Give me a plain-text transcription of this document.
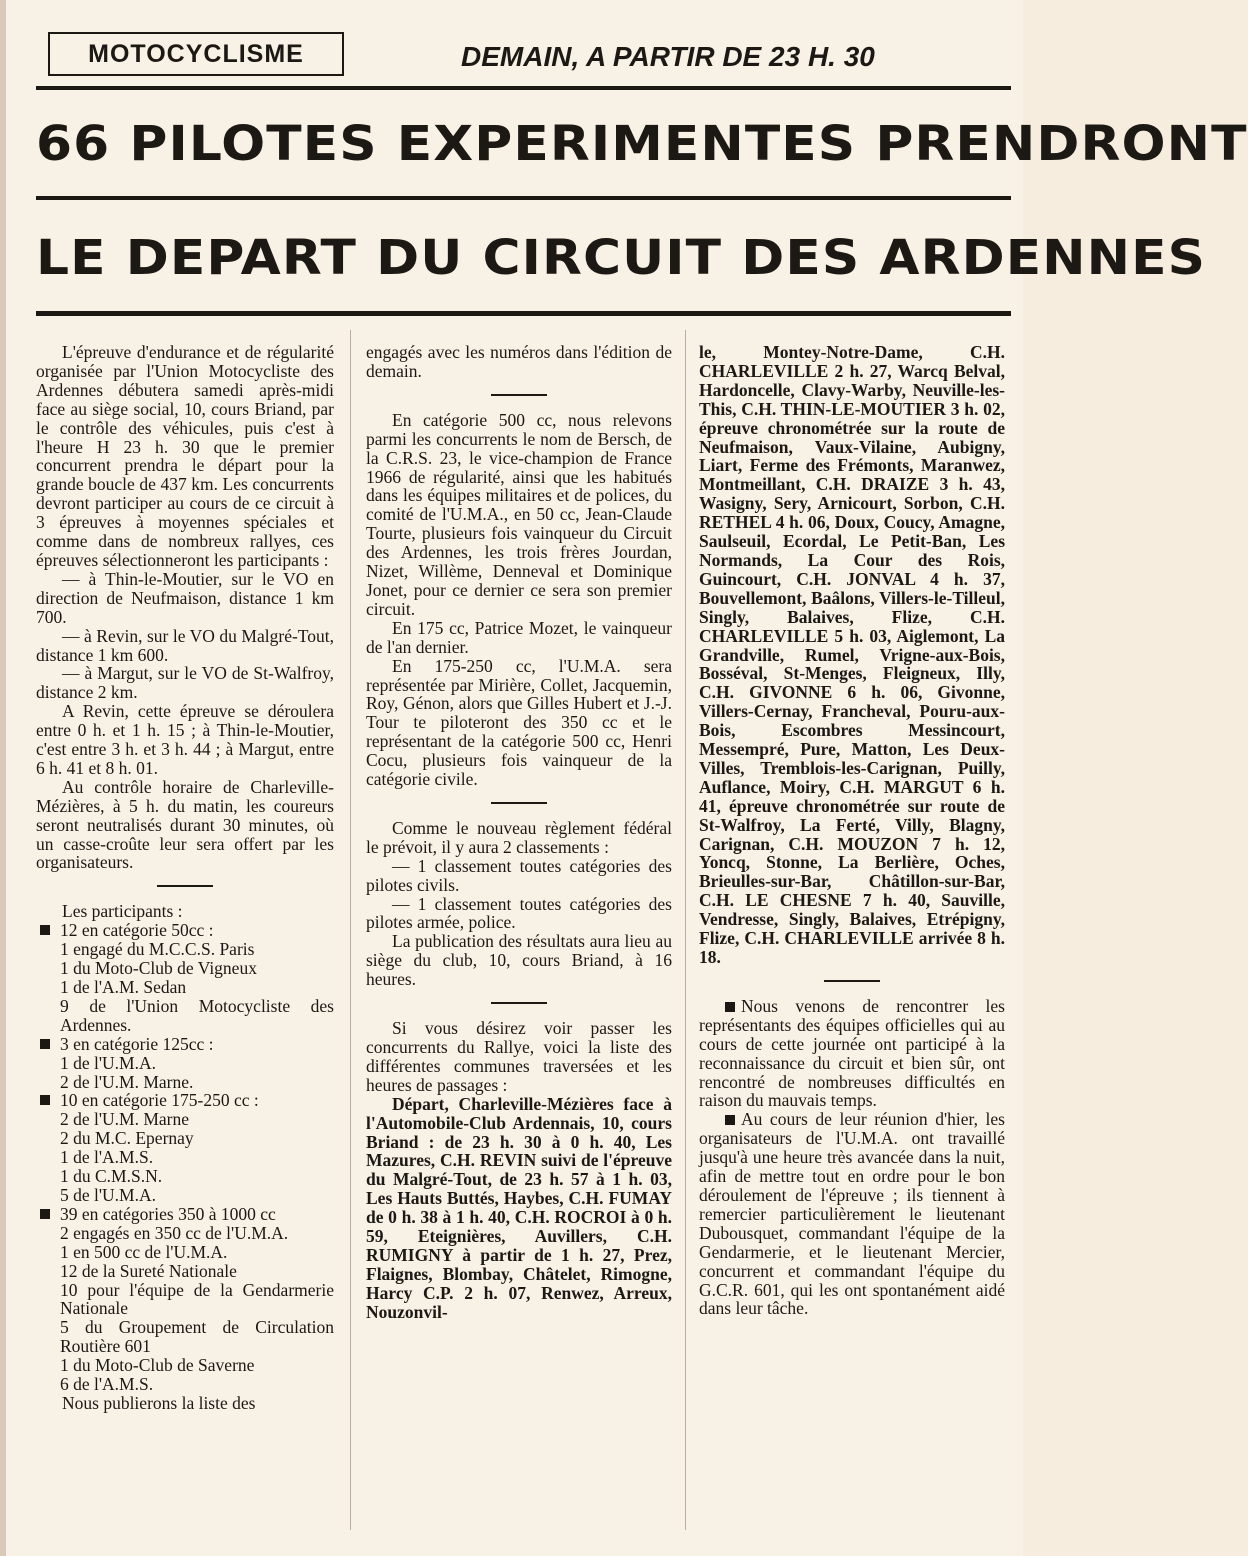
MOTOCYCLISME	DEMAIN, A PARTIR DE 23 H. 30
66 PILOTES EXPERIMENTES PRENDRONT
LE DEPART DU CIRCUIT DES ARDENNES

L'épreuve d'endurance et de régularité organisée par l'Union Motocycliste des Ardennes débutera samedi après-midi face au siège social, 10, cours Briand, par le contrôle des véhicules, puis c'est à l'heure H 23 h. 30 que le premier concurrent prendra le départ pour la grande boucle de 437 km. Les concurrents devront participer au cours de ce circuit à 3 épreuves à moyennes spéciales et comme dans de nombreux rallyes, ces épreuves sélectionneront les participants :

— à Thin-le-Moutier, sur le VO en direction de Neufmaison, distance 1 km 700.

— à Revin, sur le VO du Malgré-Tout, distance 1 km 600.

— à Margut, sur le VO de St-Walfroy, distance 2 km.

A Revin, cette épreuve se déroulera entre 0 h. et 1 h. 15 ; à Thin-le-Moutier, c'est entre 3 h. et 3 h. 44 ; à Margut, entre 6 h. 41 et 8 h. 01.

Au contrôle horaire de Charleville-Mézières, à 5 h. du matin, les coureurs seront neutralisés durant 30 minutes, où un casse-croûte leur sera offert par les organisateurs.

Les participants :

12 en catégorie 50cc :
1 engagé du M.C.C.S. Paris
1 du Moto-Club de Vigneux
1 de l'A.M. Sedan
9 de l'Union Motocycliste des Ardennes.
3 en catégorie 125cc :
1 de l'U.M.A.
2 de l'U.M. Marne.
10 en catégorie 175-250 cc :
2 de l'U.M. Marne
2 du M.C. Epernay
1 de l'A.M.S.
1 du C.M.S.N.
5 de l'U.M.A.
39 en catégories 350 à 1000 cc
2 engagés en 350 cc de l'U.M.A.
1 en 500 cc de l'U.M.A.
12 de la Sureté Nationale
10 pour l'équipe de la Gendarmerie Nationale
5 du Groupement de Circulation Routière 601
1 du Moto-Club de Saverne
6 de l'A.M.S.

Nous publierons la liste des

engagés avec les numéros dans l'édition de demain.

En catégorie 500 cc, nous relevons parmi les concurrents le nom de Bersch, de la C.R.S. 23, le vice-champion de France 1966 de régularité, ainsi que les habitués dans les équipes militaires et de polices, du comité de l'U.M.A., en 50 cc, Jean-Claude Tourte, plusieurs fois vainqueur du Circuit des Ardennes, les trois frères Jourdan, Nizet, Willème, Denneval et Dominique Jonet, pour ce dernier ce sera son premier circuit.

En 175 cc, Patrice Mozet, le vainqueur de l'an dernier.

En 175-250 cc, l'U.M.A. sera représentée par Mirière, Collet, Jacquemin, Roy, Génon, alors que Gilles Hubert et J.-J. Tour te piloteront des 350 cc et le représentant de la catégorie 500 cc, Henri Cocu, plusieurs fois vainqueur de la catégorie civile.

Comme le nouveau règlement fédéral le prévoit, il y aura 2 classements :

— 1 classement toutes catégories des pilotes civils.

— 1 classement toutes catégories des pilotes armée, police.

La publication des résultats aura lieu au siège du club, 10, cours Briand, à 16 heures.

Si vous désirez voir passer les concurrents du Rallye, voici la liste des différentes communes traversées et les heures de passages :

Départ, Charleville-Mézières face à l'Automobile-Club Ardennais, 10, cours Briand : de 23 h. 30 à 0 h. 40, Les Mazures, C.H. REVIN suivi de l'épreuve du Malgré-Tout, de 23 h. 57 à 1 h. 03, Les Hauts Buttés, Haybes, C.H. FUMAY de 0 h. 38 à 1 h. 40, C.H. ROCROI à 0 h. 59, Eteignières, Auvillers, C.H. RUMIGNY à partir de 1 h. 27, Prez, Flaignes, Blombay, Châtelet, Rimogne, Harcy C.P. 2 h. 07, Renwez, Arreux, Nouzonvil-

le, Montey-Notre-Dame, C.H. CHARLEVILLE 2 h. 27, Warcq Belval, Hardoncelle, Clavy-Warby, Neuville-les-This, C.H. THIN-LE-MOUTIER 3 h. 02, épreuve chronométrée sur la route de Neufmaison, Vaux-Vilaine, Aubigny, Liart, Ferme des Frémonts, Maranwez, Montmeillant, C.H. DRAIZE 3 h. 43, Wasigny, Sery, Arnicourt, Sorbon, C.H. RETHEL 4 h. 06, Doux, Coucy, Amagne, Saulseuil, Ecordal, Le Petit-Ban, Les Normands, La Cour des Rois, Guincourt, C.H. JONVAL 4 h. 37, Bouvellemont, Baâlons, Villers-le-Tilleul, Singly, Balaives, Flize, C.H. CHARLEVILLE 5 h. 03, Aiglemont, La Grandville, Rumel, Vrigne-aux-Bois, Bosséval, St-Menges, Fleigneux, Illy, C.H. GIVONNE 6 h. 06, Givonne, Villers-Cernay, Francheval, Pouru-aux-Bois, Escombres Messincourt, Messempré, Pure, Matton, Les Deux-Villes, Tremblois-les-Carignan, Puilly, Auflance, Moiry, C.H. MARGUT 6 h. 41, épreuve chronométrée sur route de St-Walfroy, La Ferté, Villy, Blagny, Carignan, C.H. MOUZON 7 h. 12, Yoncq, Stonne, La Berlière, Oches, Brieulles-sur-Bar, Châtillon-sur-Bar, C.H. LE CHESNE 7 h. 40, Sauville, Vendresse, Singly, Balaives, Etrépigny, Flize, C.H. CHARLEVILLE arrivée 8 h. 18.

Nous venons de rencontrer les représentants des équipes officielles qui au cours de cette journée ont participé à la reconnaissance du circuit et bien sûr, ont rencontré de nombreuses difficultés en raison du mauvais temps.

Au cours de leur réunion d'hier, les organisateurs de l'U.M.A. ont travaillé jusqu'à une heure très avancée dans la nuit, afin de mettre tout en ordre pour le bon déroulement de l'épreuve ; ils tiennent à remercier particulièrement le lieutenant Dubousquet, commandant l'équipe de la Gendarmerie, et le lieutenant Mercier, concurrent et commandant l'équipe du G.C.R. 601, qui les ont spontanément aidé dans leur tâche.
